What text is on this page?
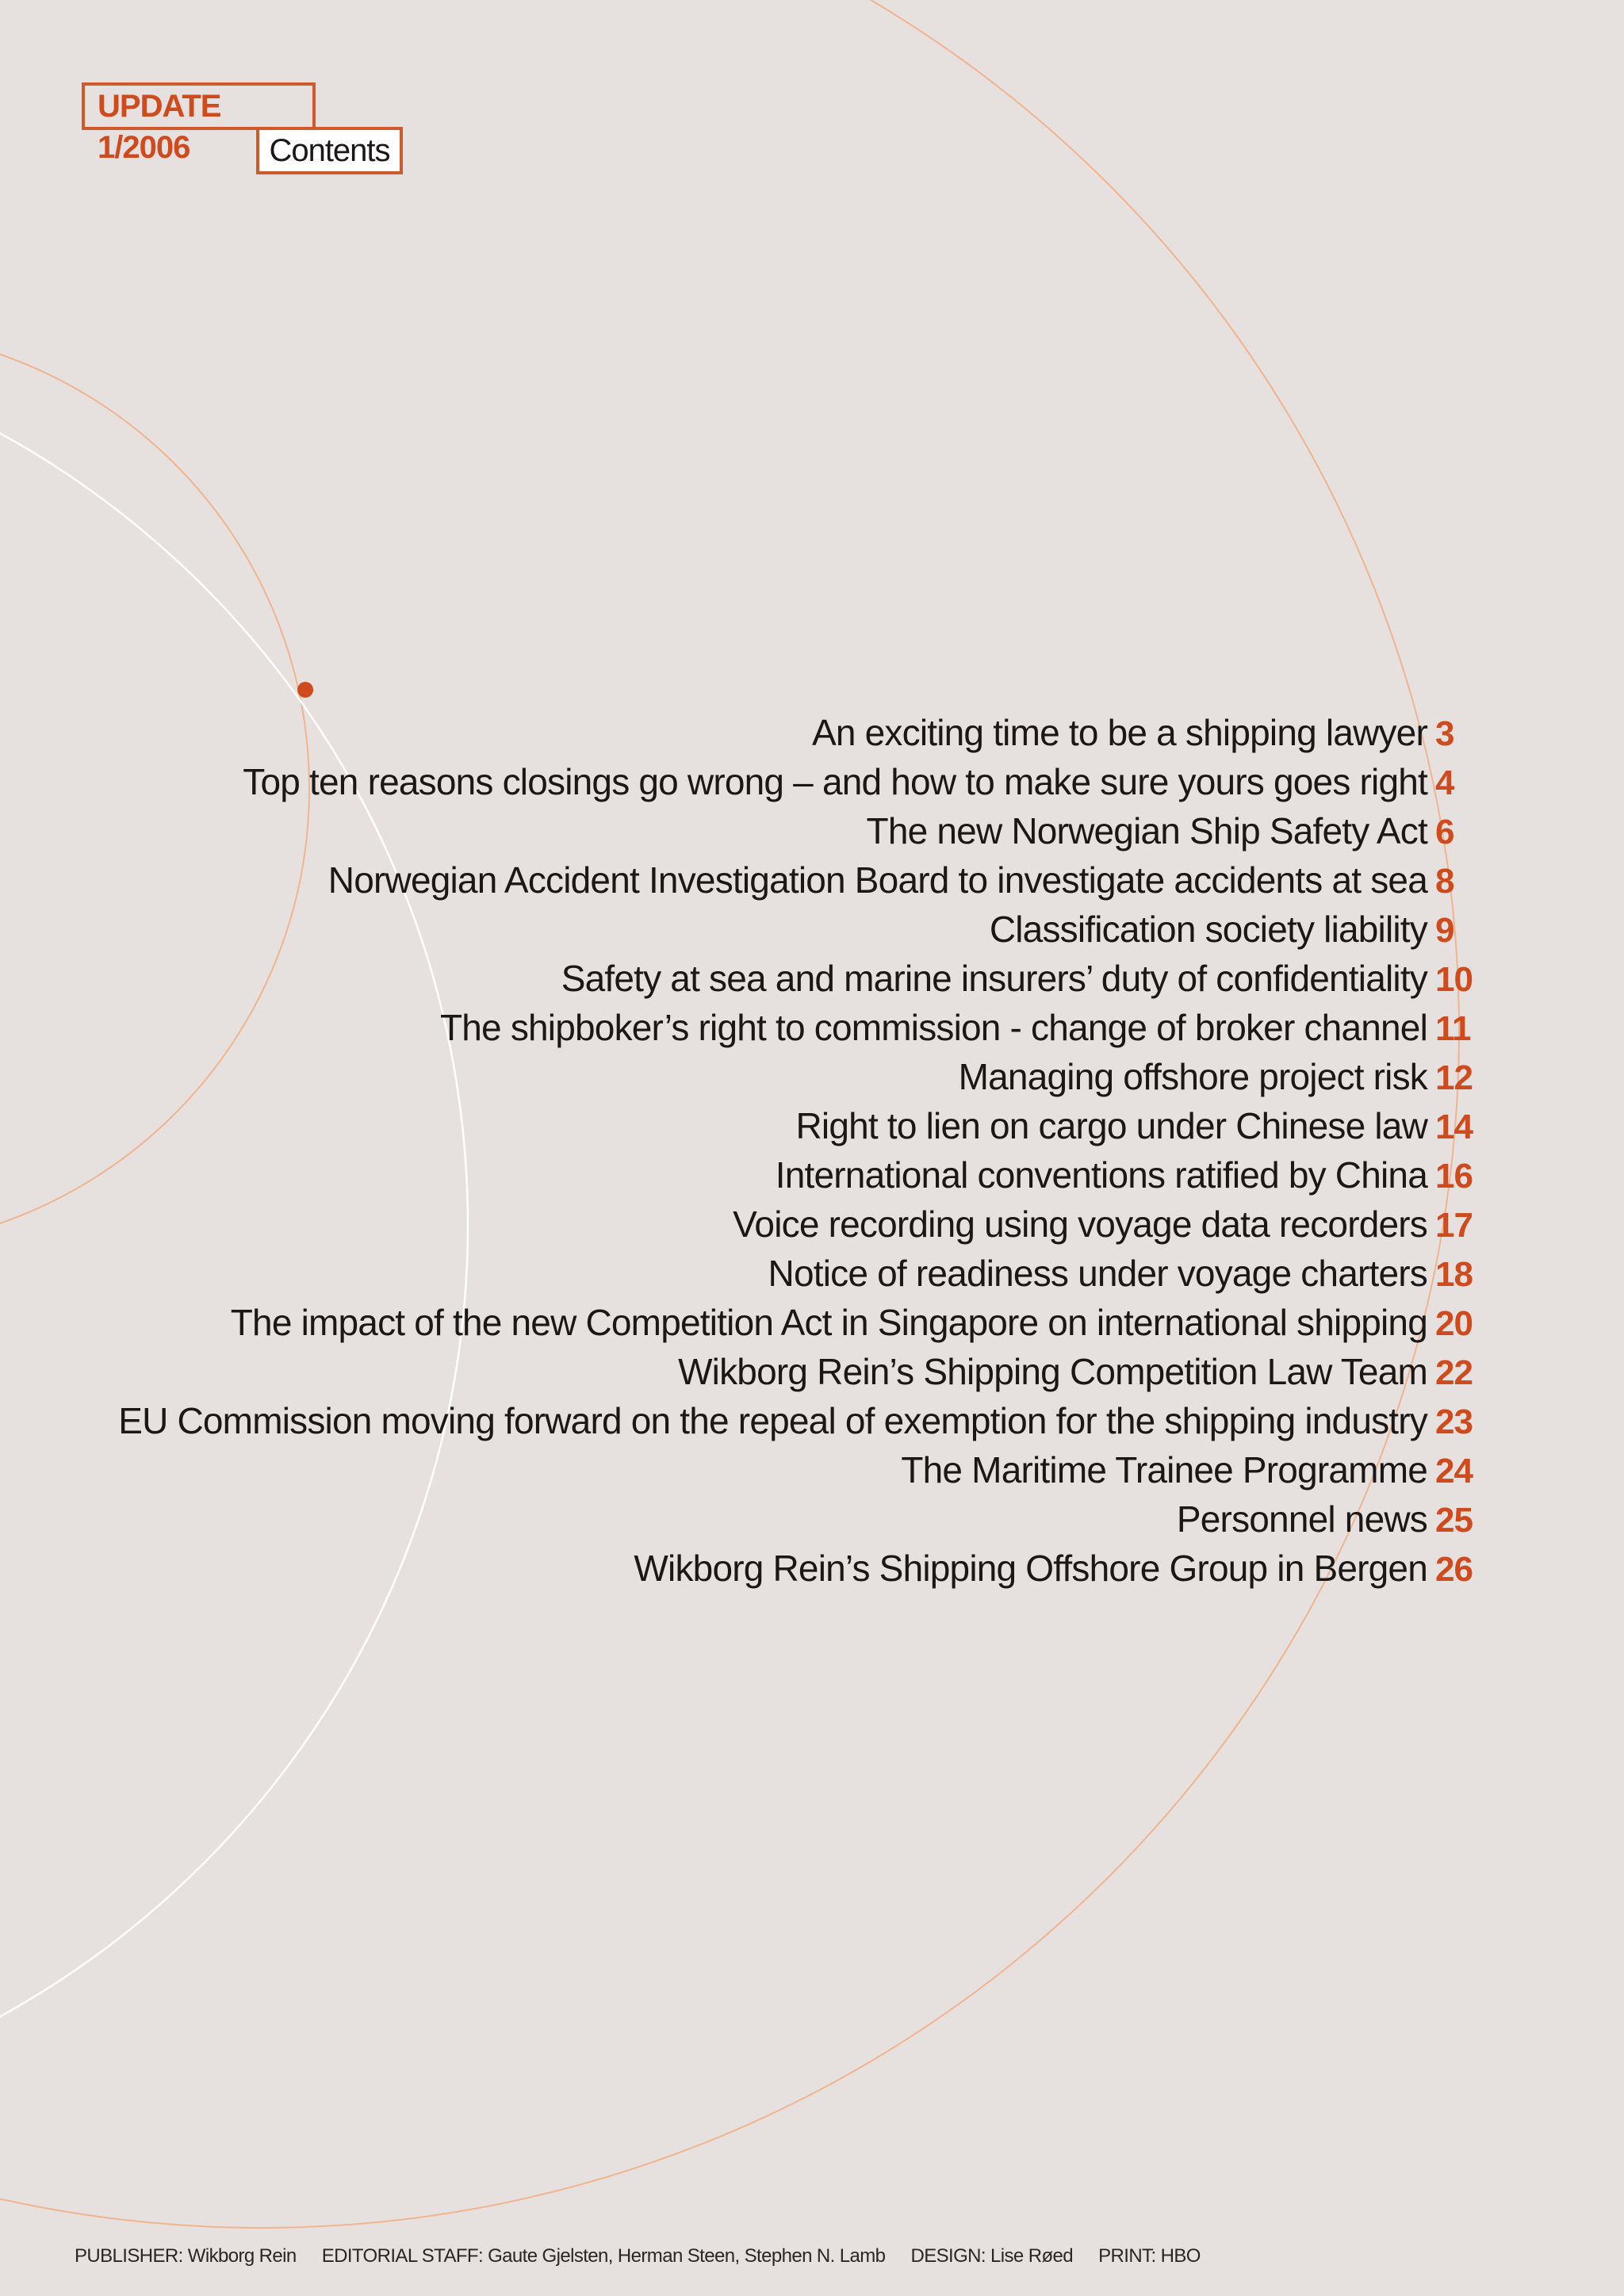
UPDATE 1/2006	Contents
An exciting time to be a shipping lawyer 3
Top ten reasons closings go wrong – and how to make sure yours goes right 4
The new Norwegian Ship Safety Act 6
Norwegian Accident Investigation Board to investigate accidents at sea 8
Classification society liability 9
Safety at sea and marine insurers’ duty of confidentiality 10
The shipboker’s right to commission - change of broker channel 11
Managing offshore project risk 12
Right to lien on cargo under Chinese law 14
International conventions ratified by China 16
Voice recording using voyage data recorders 17
Notice of readiness under voyage charters 18
The impact of the new Competition Act in Singapore on international shipping 20
Wikborg Rein’s Shipping Competition Law Team 22
EU Commission moving forward on the repeal of exemption for the shipping industry 23
The Maritime Trainee Programme 24
Personnel news 25
Wikborg Rein’s Shipping Offshore Group in Bergen 26
PUBLISHER: Wikborg Rein EDITORIAL STAFF: Gaute Gjelsten, Herman Steen, Stephen N. Lamb DESIGN: Lise Røed PRINT: HBO
